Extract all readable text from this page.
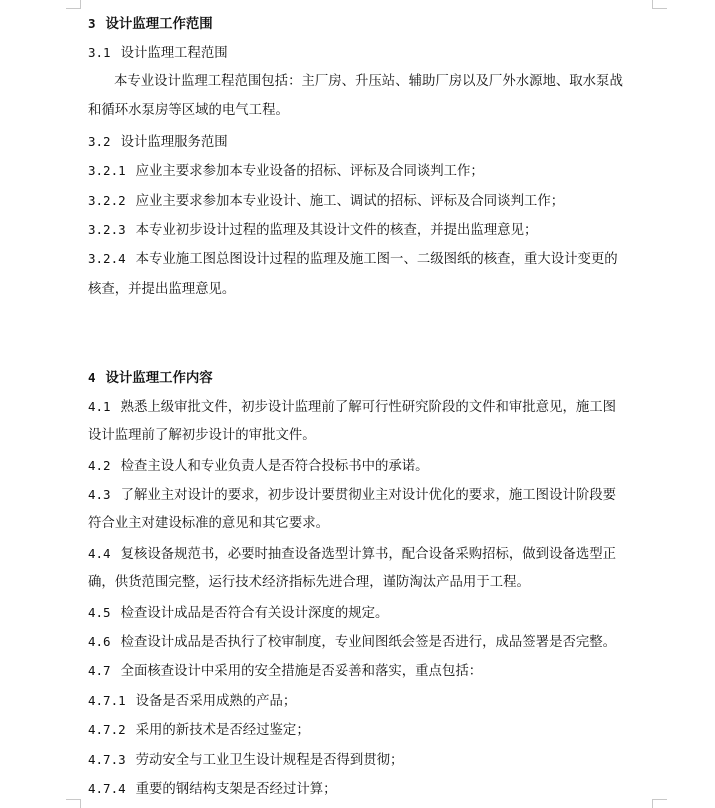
3 设计监理工作范围
3.1 设计监理工程范围
本专业设计监理工程范围包括：主厂房、升压站、辅助厂房以及厂外水源地、取水泵战
和循环水泵房等区域的电气工程。
3.2 设计监理服务范围
3.2.1 应业主要求参加本专业设备的招标、评标及合同谈判工作；
3.2.2 应业主要求参加本专业设计、施工、调试的招标、评标及合同谈判工作；
3.2.3 本专业初步设计过程的监理及其设计文件的核查，并提出监理意见；
3.2.4 本专业施工图总图设计过程的监理及施工图一、二级图纸的核查，重大设计变更的
核查，并提出监理意见。
4 设计监理工作内容
4.1 熟悉上级审批文件，初步设计监理前了解可行性研究阶段的文件和审批意见，施工图
设计监理前了解初步设计的审批文件。
4.2 检查主设人和专业负责人是否符合投标书中的承诺。
4.3 了解业主对设计的要求，初步设计要贯彻业主对设计优化的要求，施工图设计阶段要
符合业主对建设标准的意见和其它要求。
4.4 复核设备规范书，必要时抽查设备选型计算书，配合设备采购招标，做到设备选型正
确，供货范围完整，运行技术经济指标先进合理，谨防淘汰产品用于工程。
4.5 检查设计成品是否符合有关设计深度的规定。
4.6 检查设计成品是否执行了校审制度，专业间图纸会签是否进行，成品签署是否完整。
4.7 全面核查设计中采用的安全措施是否妥善和落实，重点包括：
4.7.1 设备是否采用成熟的产品；
4.7.2 采用的新技术是否经过鉴定；
4.7.3 劳动安全与工业卫生设计规程是否得到贯彻；
4.7.4 重要的钢结构支架是否经过计算；
